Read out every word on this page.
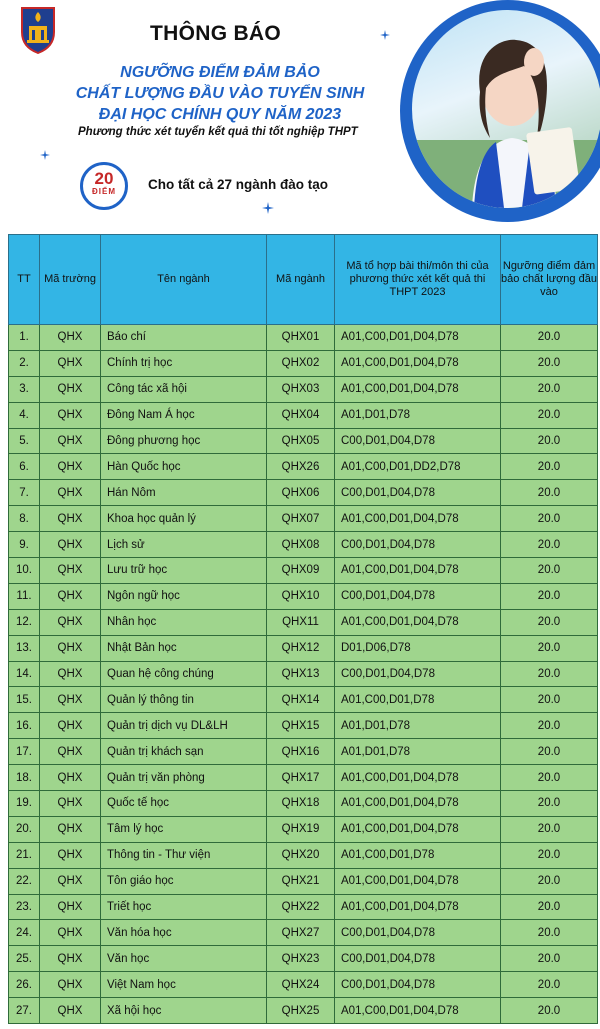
THÔNG BÁO
NGƯỠNG ĐIỂM ĐẢM BẢO
CHẤT LƯỢNG ĐẦU VÀO TUYỂN SINH
ĐẠI HỌC CHÍNH QUY NĂM 2023
Phương thức xét tuyển kết quả thi tốt nghiệp THPT
20
ĐIỂM	Cho tất cả 27 ngành đào tạo
TT	Mã trường	Tên ngành	Mã ngành	Mã tổ hợp bài thi/môn thi của phương thức xét kết quả thi THPT 2023	Ngưỡng điểm đảm bảo chất lượng đầu vào
1.	QHX	Báo chí	QHX01	A01,C00,D01,D04,D78	20.0
2.	QHX	Chính trị học	QHX02	A01,C00,D01,D04,D78	20.0
3.	QHX	Công tác xã hội	QHX03	A01,C00,D01,D04,D78	20.0
4.	QHX	Đông Nam Á học	QHX04	A01,D01,D78	20.0
5.	QHX	Đông phương học	QHX05	C00,D01,D04,D78	20.0
6.	QHX	Hàn Quốc học	QHX26	A01,C00,D01,DD2,D78	20.0
7.	QHX	Hán Nôm	QHX06	C00,D01,D04,D78	20.0
8.	QHX	Khoa học quản lý	QHX07	A01,C00,D01,D04,D78	20.0
9.	QHX	Lịch sử	QHX08	C00,D01,D04,D78	20.0
10.	QHX	Lưu trữ học	QHX09	A01,C00,D01,D04,D78	20.0
11.	QHX	Ngôn ngữ học	QHX10	C00,D01,D04,D78	20.0
12.	QHX	Nhân học	QHX11	A01,C00,D01,D04,D78	20.0
13.	QHX	Nhật Bản học	QHX12	D01,D06,D78	20.0
14.	QHX	Quan hệ công chúng	QHX13	C00,D01,D04,D78	20.0
15.	QHX	Quản lý thông tin	QHX14	A01,C00,D01,D78	20.0
16.	QHX	Quản trị dịch vụ DL&LH	QHX15	A01,D01,D78	20.0
17.	QHX	Quản trị khách sạn	QHX16	A01,D01,D78	20.0
18.	QHX	Quản trị văn phòng	QHX17	A01,C00,D01,D04,D78	20.0
19.	QHX	Quốc tế học	QHX18	A01,C00,D01,D04,D78	20.0
20.	QHX	Tâm lý học	QHX19	A01,C00,D01,D04,D78	20.0
21.	QHX	Thông tin - Thư viện	QHX20	A01,C00,D01,D78	20.0
22.	QHX	Tôn giáo học	QHX21	A01,C00,D01,D04,D78	20.0
23.	QHX	Triết học	QHX22	A01,C00,D01,D04,D78	20.0
24.	QHX	Văn hóa học	QHX27	C00,D01,D04,D78	20.0
25.	QHX	Văn học	QHX23	C00,D01,D04,D78	20.0
26.	QHX	Việt Nam học	QHX24	C00,D01,D04,D78	20.0
27.	QHX	Xã hội học	QHX25	A01,C00,D01,D04,D78	20.0
